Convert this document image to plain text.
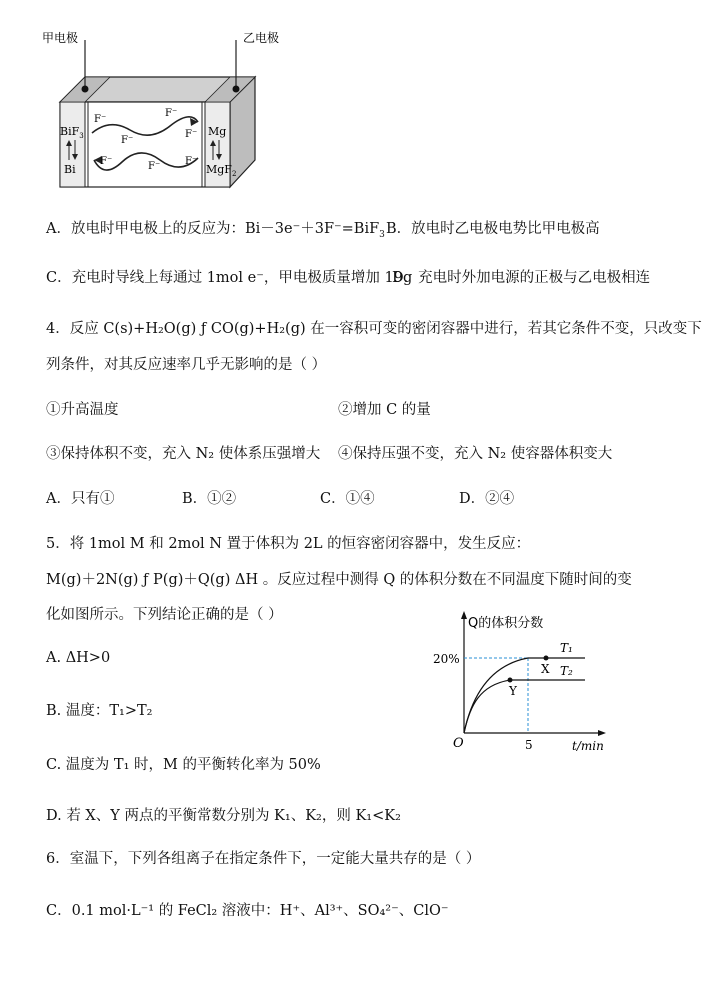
甲电极	乙电极
BiF$_3$
Bi
Mg
MgF$_2$
F⁻
F⁻
F⁻
F⁻
F⁻	F⁻ F⁻
A．放电时甲电极上的反应为：Bi－3e⁻＋3F⁻=BiF$_3$ B．放电时乙电极电势比甲电极高
C．充电时导线上每通过 1mol e⁻，甲电极质量增加 19g
D．充电时外加电源的正极与乙电极相连
4．反应 C(s)+H₂O(g) ƒ CO(g)+H₂(g) 在一容积可变的密闭容器中进行，若其它条件不变，只改变下
列条件，对其反应速率几乎无影响的是（ ）
①升高温度	②增加 C 的量
③保持体积不变，充入 N₂ 使体系压强增大 ④保持压强不变，充入 N₂ 使容器体积变大
A．只有①	B．①②	C．①④	D．②④
5．将 1mol M 和 2mol N 置于体积为 2L 的恒容密闭容器中，发生反应：
M(g)＋2N(g) ƒ P(g)＋Q(g) ΔH 。反应过程中测得 Q 的体积分数在不同温度下随时间的变
化如图所示。下列结论正确的是（ ）
A. ΔH>0
B. 温度：T₁>T₂
C. 温度为 T₁ 时，M 的平衡转化率为 50%
D. 若 X、Y 两点的平衡常数分别为 K₁、K₂，则 K₁<K₂
Q的体积分数
20%
O	5	t/min
T₁
T₂
X
Y
6．室温下，下列各组离子在指定条件下，一定能大量共存的是（ ）
C．0.1 mol·L⁻¹ 的 FeCl₂ 溶液中：H⁺、Al³⁺、SO₄²⁻、ClO⁻
